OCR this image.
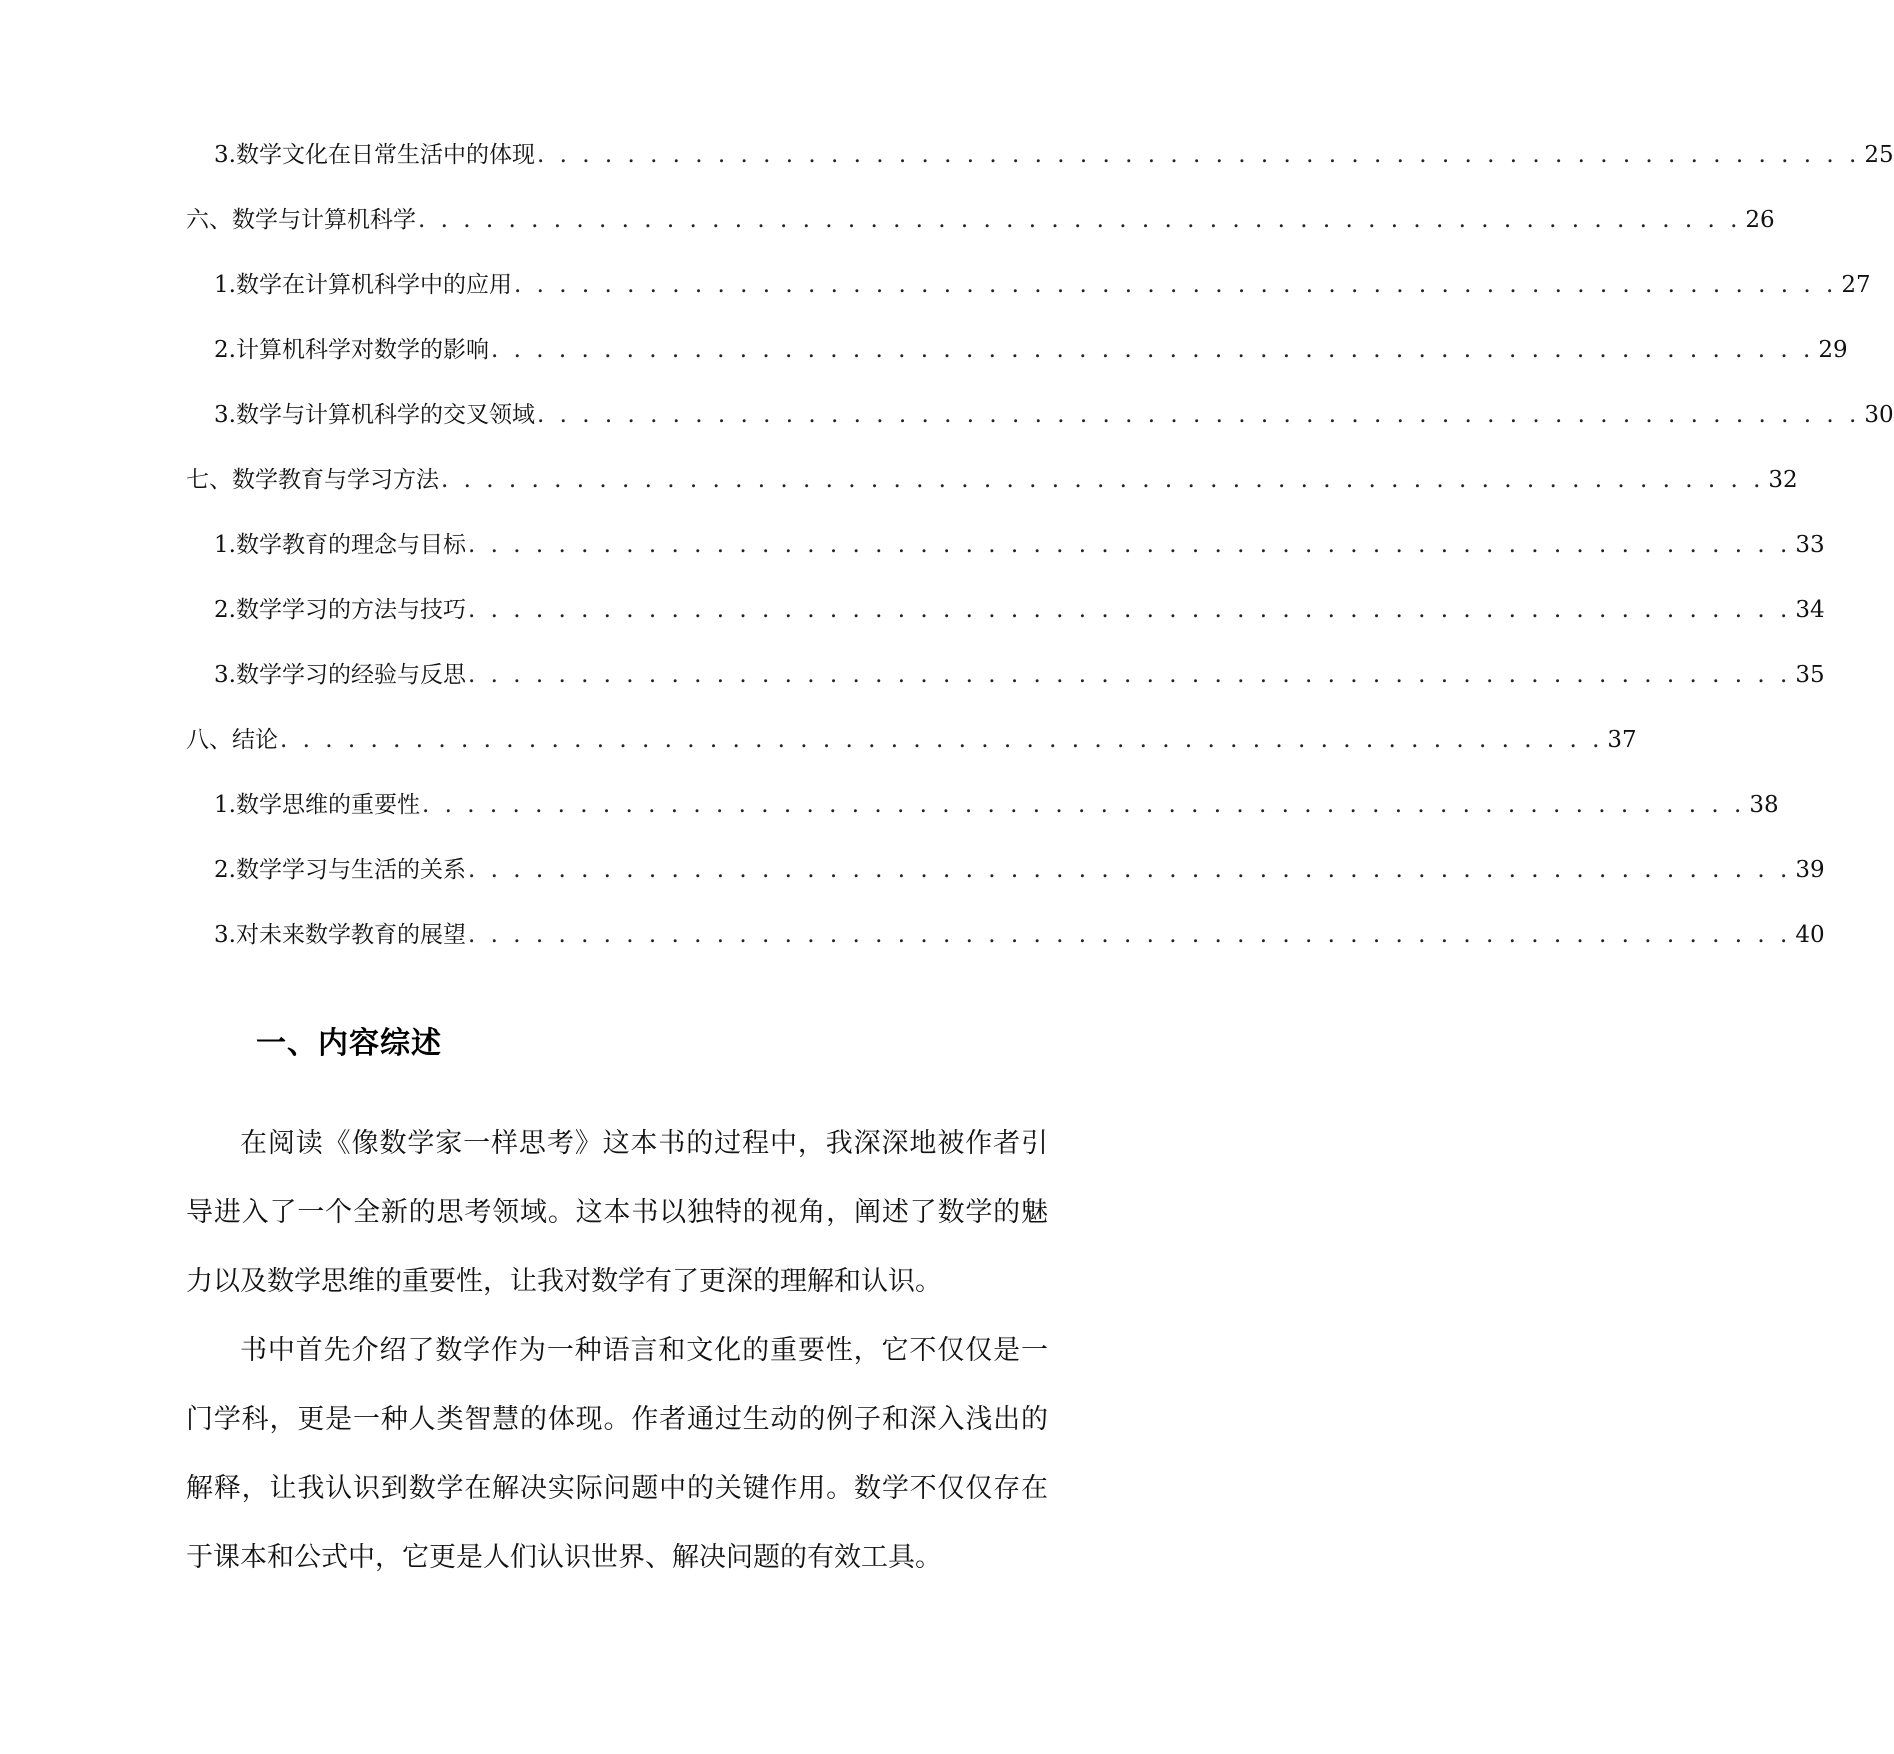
3. 数学文化在日常生活中的体现 . . . . . . . . . . . . . . . . . . . . . . . . . . . . . . . . . . . . . . . . . . . . . . . . . . . . . . . . . . . 25
六、数学与计算机科学 . . . . . . . . . . . . . . . . . . . . . . . . . . . . . . . . . . . . . . . . . . . . . . . . . . . . . . . . . . . 26
1. 数学在计算机科学中的应用 . . . . . . . . . . . . . . . . . . . . . . . . . . . . . . . . . . . . . . . . . . . . . . . . . . . . . . . . . . . 27
2. 计算机科学对数学的影响 . . . . . . . . . . . . . . . . . . . . . . . . . . . . . . . . . . . . . . . . . . . . . . . . . . . . . . . . . . . 29
3. 数学与计算机科学的交叉领域 . . . . . . . . . . . . . . . . . . . . . . . . . . . . . . . . . . . . . . . . . . . . . . . . . . . . . . . . . . . 30
七、数学教育与学习方法 . . . . . . . . . . . . . . . . . . . . . . . . . . . . . . . . . . . . . . . . . . . . . . . . . . . . . . . . . . . 32
1. 数学教育的理念与目标 . . . . . . . . . . . . . . . . . . . . . . . . . . . . . . . . . . . . . . . . . . . . . . . . . . . . . . . . . . . 33
2. 数学学习的方法与技巧 . . . . . . . . . . . . . . . . . . . . . . . . . . . . . . . . . . . . . . . . . . . . . . . . . . . . . . . . . . . 34
3. 数学学习的经验与反思 . . . . . . . . . . . . . . . . . . . . . . . . . . . . . . . . . . . . . . . . . . . . . . . . . . . . . . . . . . . 35
八、结论 . . . . . . . . . . . . . . . . . . . . . . . . . . . . . . . . . . . . . . . . . . . . . . . . . . . . . . . . . . . 37
1. 数学思维的重要性 . . . . . . . . . . . . . . . . . . . . . . . . . . . . . . . . . . . . . . . . . . . . . . . . . . . . . . . . . . . 38
2. 数学学习与生活的关系 . . . . . . . . . . . . . . . . . . . . . . . . . . . . . . . . . . . . . . . . . . . . . . . . . . . . . . . . . . . 39
3. 对未来数学教育的展望 . . . . . . . . . . . . . . . . . . . . . . . . . . . . . . . . . . . . . . . . . . . . . . . . . . . . . . . . . . . 40
一、内容综述

在阅读《像数学家一样思考》这本书的过程中，我深深地被作者引导进入了一个全新的思考领域。这本书以独特的视角，阐述了数学的魅力以及数学思维的重要性，让我对数学有了更深的理解和认识。

书中首先介绍了数学作为一种语言和文化的重要性，它不仅仅是一门学科，更是一种人类智慧的体现。作者通过生动的例子和深入浅出的解释，让我认识到数学在解决实际问题中的关键作用。数学不仅仅存在于课本和公式中，它更是人们认识世界、解决问题的有效工具。
